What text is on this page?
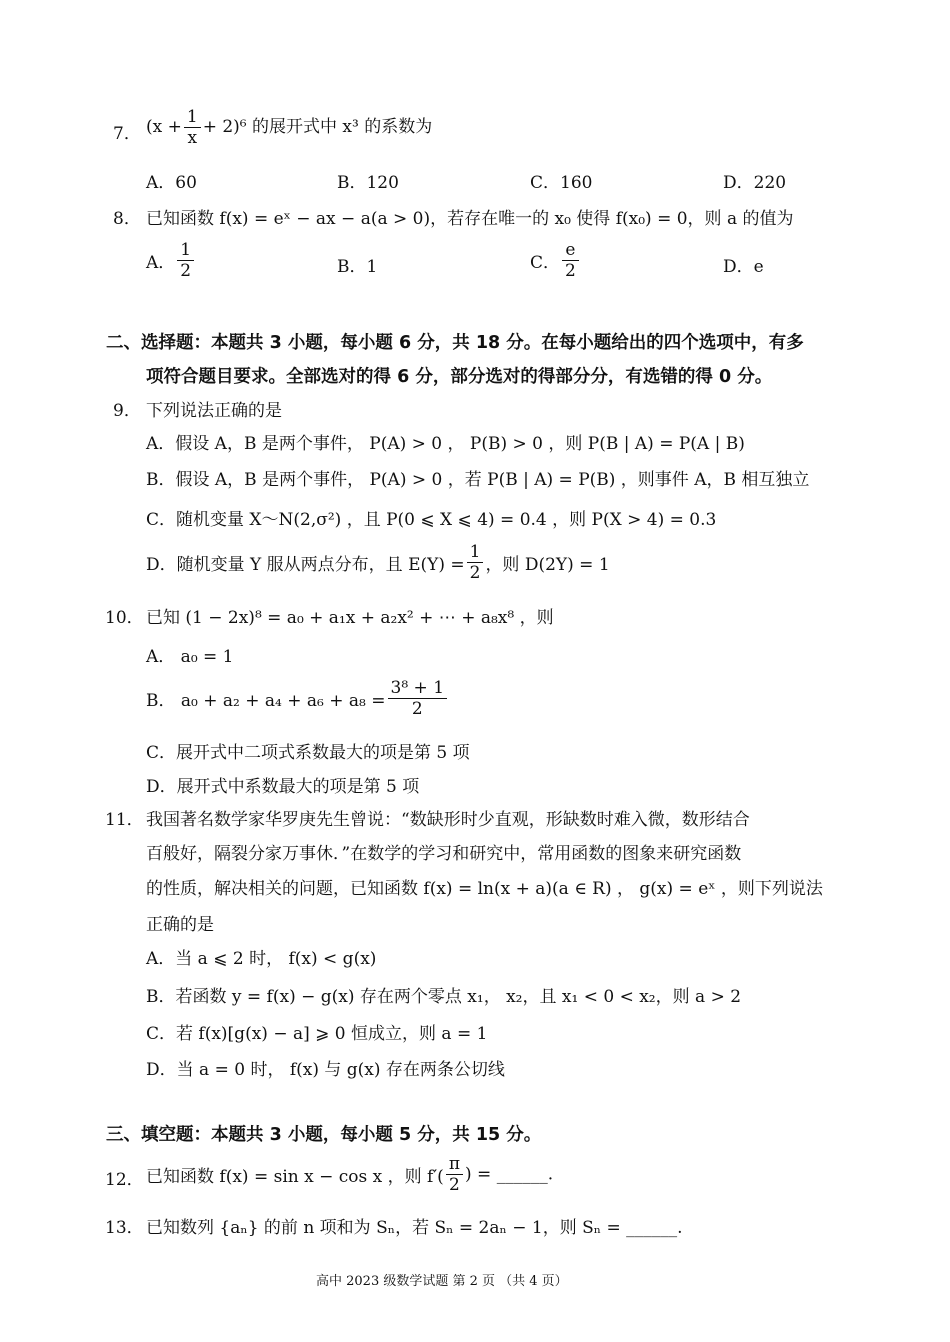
7． $(x + \frac{1}{x} + 2)^6$ 的展开式中 x³ 的系数为
A．60	B．120	C．160	D．220
8． 已知函数 f(x) = eˣ − ax − a(a > 0)，若存在唯一的 x₀ 使得 f(x₀) = 0，则 a 的值为
A． $\frac{1}{2}$	B．1	C． $\frac{e}{2}$	D．e
二、选择题：本题共 3 小题，每小题 6 分，共 18 分。在每小题给出的四个选项中，有多
项符合题目要求。全部选对的得 6 分，部分选对的得部分分，有选错的得 0 分。
9． 下列说法正确的是
A．假设 A，B 是两个事件， P(A) > 0 ， P(B) > 0 ，则 P(B | A) = P(A | B)
B．假设 A，B 是两个事件， P(A) > 0 ，若 P(B | A) = P(B) ，则事件 A，B 相互独立
C．随机变量 X～N(2,σ²) ，且 P(0 ⩽ X ⩽ 4) = 0.4 ，则 P(X > 4) = 0.3
D．随机变量 Y 服从两点分布，且 $E(Y) = \frac{1}{2}$ ，则 D(2Y) = 1
10． 已知 (1 − 2x)⁸ = a₀ + a₁x + a₂x² + ⋯ + a₈x⁸ ，则
A． a₀ = 1
B． $a_0 + a_2 + a_4 + a_6 + a_8 = \frac{\text{3⁸ + 1}}{2}$
C．展开式中二项式系数最大的项是第 5 项
D．展开式中系数最大的项是第 5 项
11． 我国著名数学家华罗庚先生曾说：“数缺形时少直观，形缺数时难入微，数形结合
百般好，隔裂分家万事休．”在数学的学习和研究中，常用函数的图象来研究函数
的性质，解决相关的问题，已知函数 f(x) = ln(x + a)(a ∈ R) ， g(x) = eˣ ，则下列说法
正确的是
A．当 a ⩽ 2 时， f(x) < g(x)
B．若函数 y = f(x) − g(x) 存在两个零点 x₁， x₂，且 x₁ < 0 < x₂，则 a > 2
C．若 f(x)[g(x) − a] ⩾ 0 恒成立，则 a = 1
D．当 a = 0 时， f(x) 与 g(x) 存在两条公切线
三、填空题：本题共 3 小题，每小题 5 分，共 15 分。
12． 已知函数 f(x) = sin x − cos x ，则 $f'( \frac{\pi}{2}$ ) = ______.
13． 已知数列 {aₙ} 的前 n 项和为 Sₙ，若 Sₙ = 2aₙ − 1，则 Sₙ = ______.
高中 2023 级数学试题 第 2 页 （共 4 页）
